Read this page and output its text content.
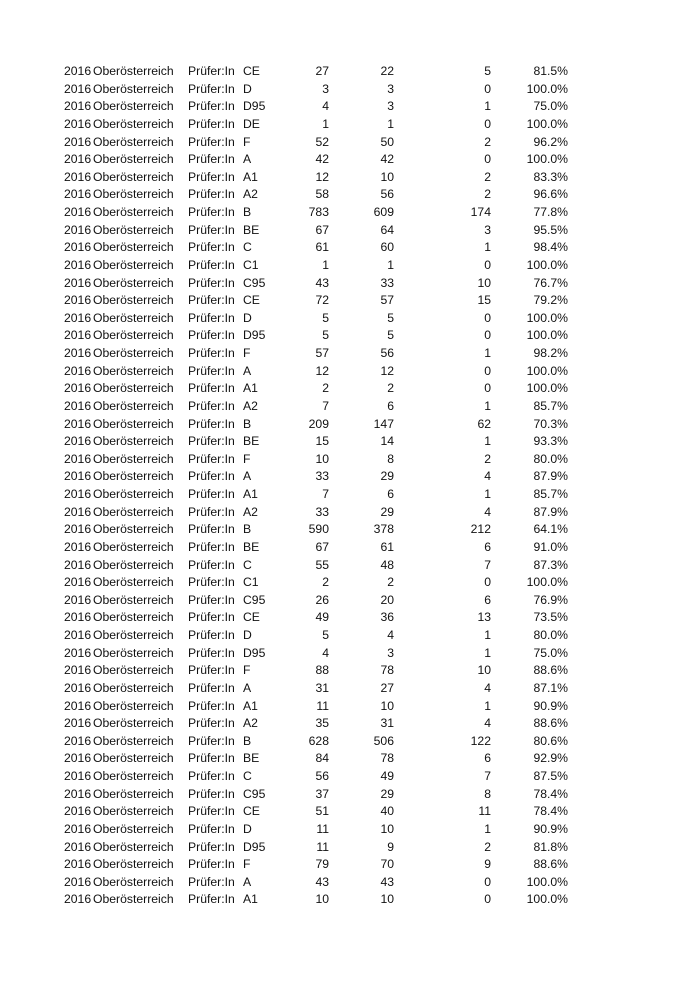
2016 Oberösterreich Prüfer:In CE	27	22	5	81.5%
2016 Oberösterreich Prüfer:In D	3	3	0	100.0%
2016 Oberösterreich Prüfer:In D95	4	3	1	75.0%
2016 Oberösterreich Prüfer:In DE	1	1	0	100.0%
2016 Oberösterreich Prüfer:In F	52	50	2	96.2%
2016 Oberösterreich Prüfer:In A	42	42	0	100.0%
2016 Oberösterreich Prüfer:In A1	12	10	2	83.3%
2016 Oberösterreich Prüfer:In A2	58	56	2	96.6%
2016 Oberösterreich Prüfer:In B	783	609	174	77.8%
2016 Oberösterreich Prüfer:In BE	67	64	3	95.5%
2016 Oberösterreich Prüfer:In C	61	60	1	98.4%
2016 Oberösterreich Prüfer:In C1	1	1	0	100.0%
2016 Oberösterreich Prüfer:In C95	43	33	10	76.7%
2016 Oberösterreich Prüfer:In CE	72	57	15	79.2%
2016 Oberösterreich Prüfer:In D	5	5	0	100.0%
2016 Oberösterreich Prüfer:In D95	5	5	0	100.0%
2016 Oberösterreich Prüfer:In F	57	56	1	98.2%
2016 Oberösterreich Prüfer:In A	12	12	0	100.0%
2016 Oberösterreich Prüfer:In A1	2	2	0	100.0%
2016 Oberösterreich Prüfer:In A2	7	6	1	85.7%
2016 Oberösterreich Prüfer:In B	209	147	62	70.3%
2016 Oberösterreich Prüfer:In BE	15	14	1	93.3%
2016 Oberösterreich Prüfer:In F	10	8	2	80.0%
2016 Oberösterreich Prüfer:In A	33	29	4	87.9%
2016 Oberösterreich Prüfer:In A1	7	6	1	85.7%
2016 Oberösterreich Prüfer:In A2	33	29	4	87.9%
2016 Oberösterreich Prüfer:In B	590	378	212	64.1%
2016 Oberösterreich Prüfer:In BE	67	61	6	91.0%
2016 Oberösterreich Prüfer:In C	55	48	7	87.3%
2016 Oberösterreich Prüfer:In C1	2	2	0	100.0%
2016 Oberösterreich Prüfer:In C95	26	20	6	76.9%
2016 Oberösterreich Prüfer:In CE	49	36	13	73.5%
2016 Oberösterreich Prüfer:In D	5	4	1	80.0%
2016 Oberösterreich Prüfer:In D95	4	3	1	75.0%
2016 Oberösterreich Prüfer:In F	88	78	10	88.6%
2016 Oberösterreich Prüfer:In A	31	27	4	87.1%
2016 Oberösterreich Prüfer:In A1	11	10	1	90.9%
2016 Oberösterreich Prüfer:In A2	35	31	4	88.6%
2016 Oberösterreich Prüfer:In B	628	506	122	80.6%
2016 Oberösterreich Prüfer:In BE	84	78	6	92.9%
2016 Oberösterreich Prüfer:In C	56	49	7	87.5%
2016 Oberösterreich Prüfer:In C95	37	29	8	78.4%
2016 Oberösterreich Prüfer:In CE	51	40	11	78.4%
2016 Oberösterreich Prüfer:In D	11	10	1	90.9%
2016 Oberösterreich Prüfer:In D95	11	9	2	81.8%
2016 Oberösterreich Prüfer:In F	79	70	9	88.6%
2016 Oberösterreich Prüfer:In A	43	43	0	100.0%
2016 Oberösterreich Prüfer:In A1	10	10	0	100.0%
